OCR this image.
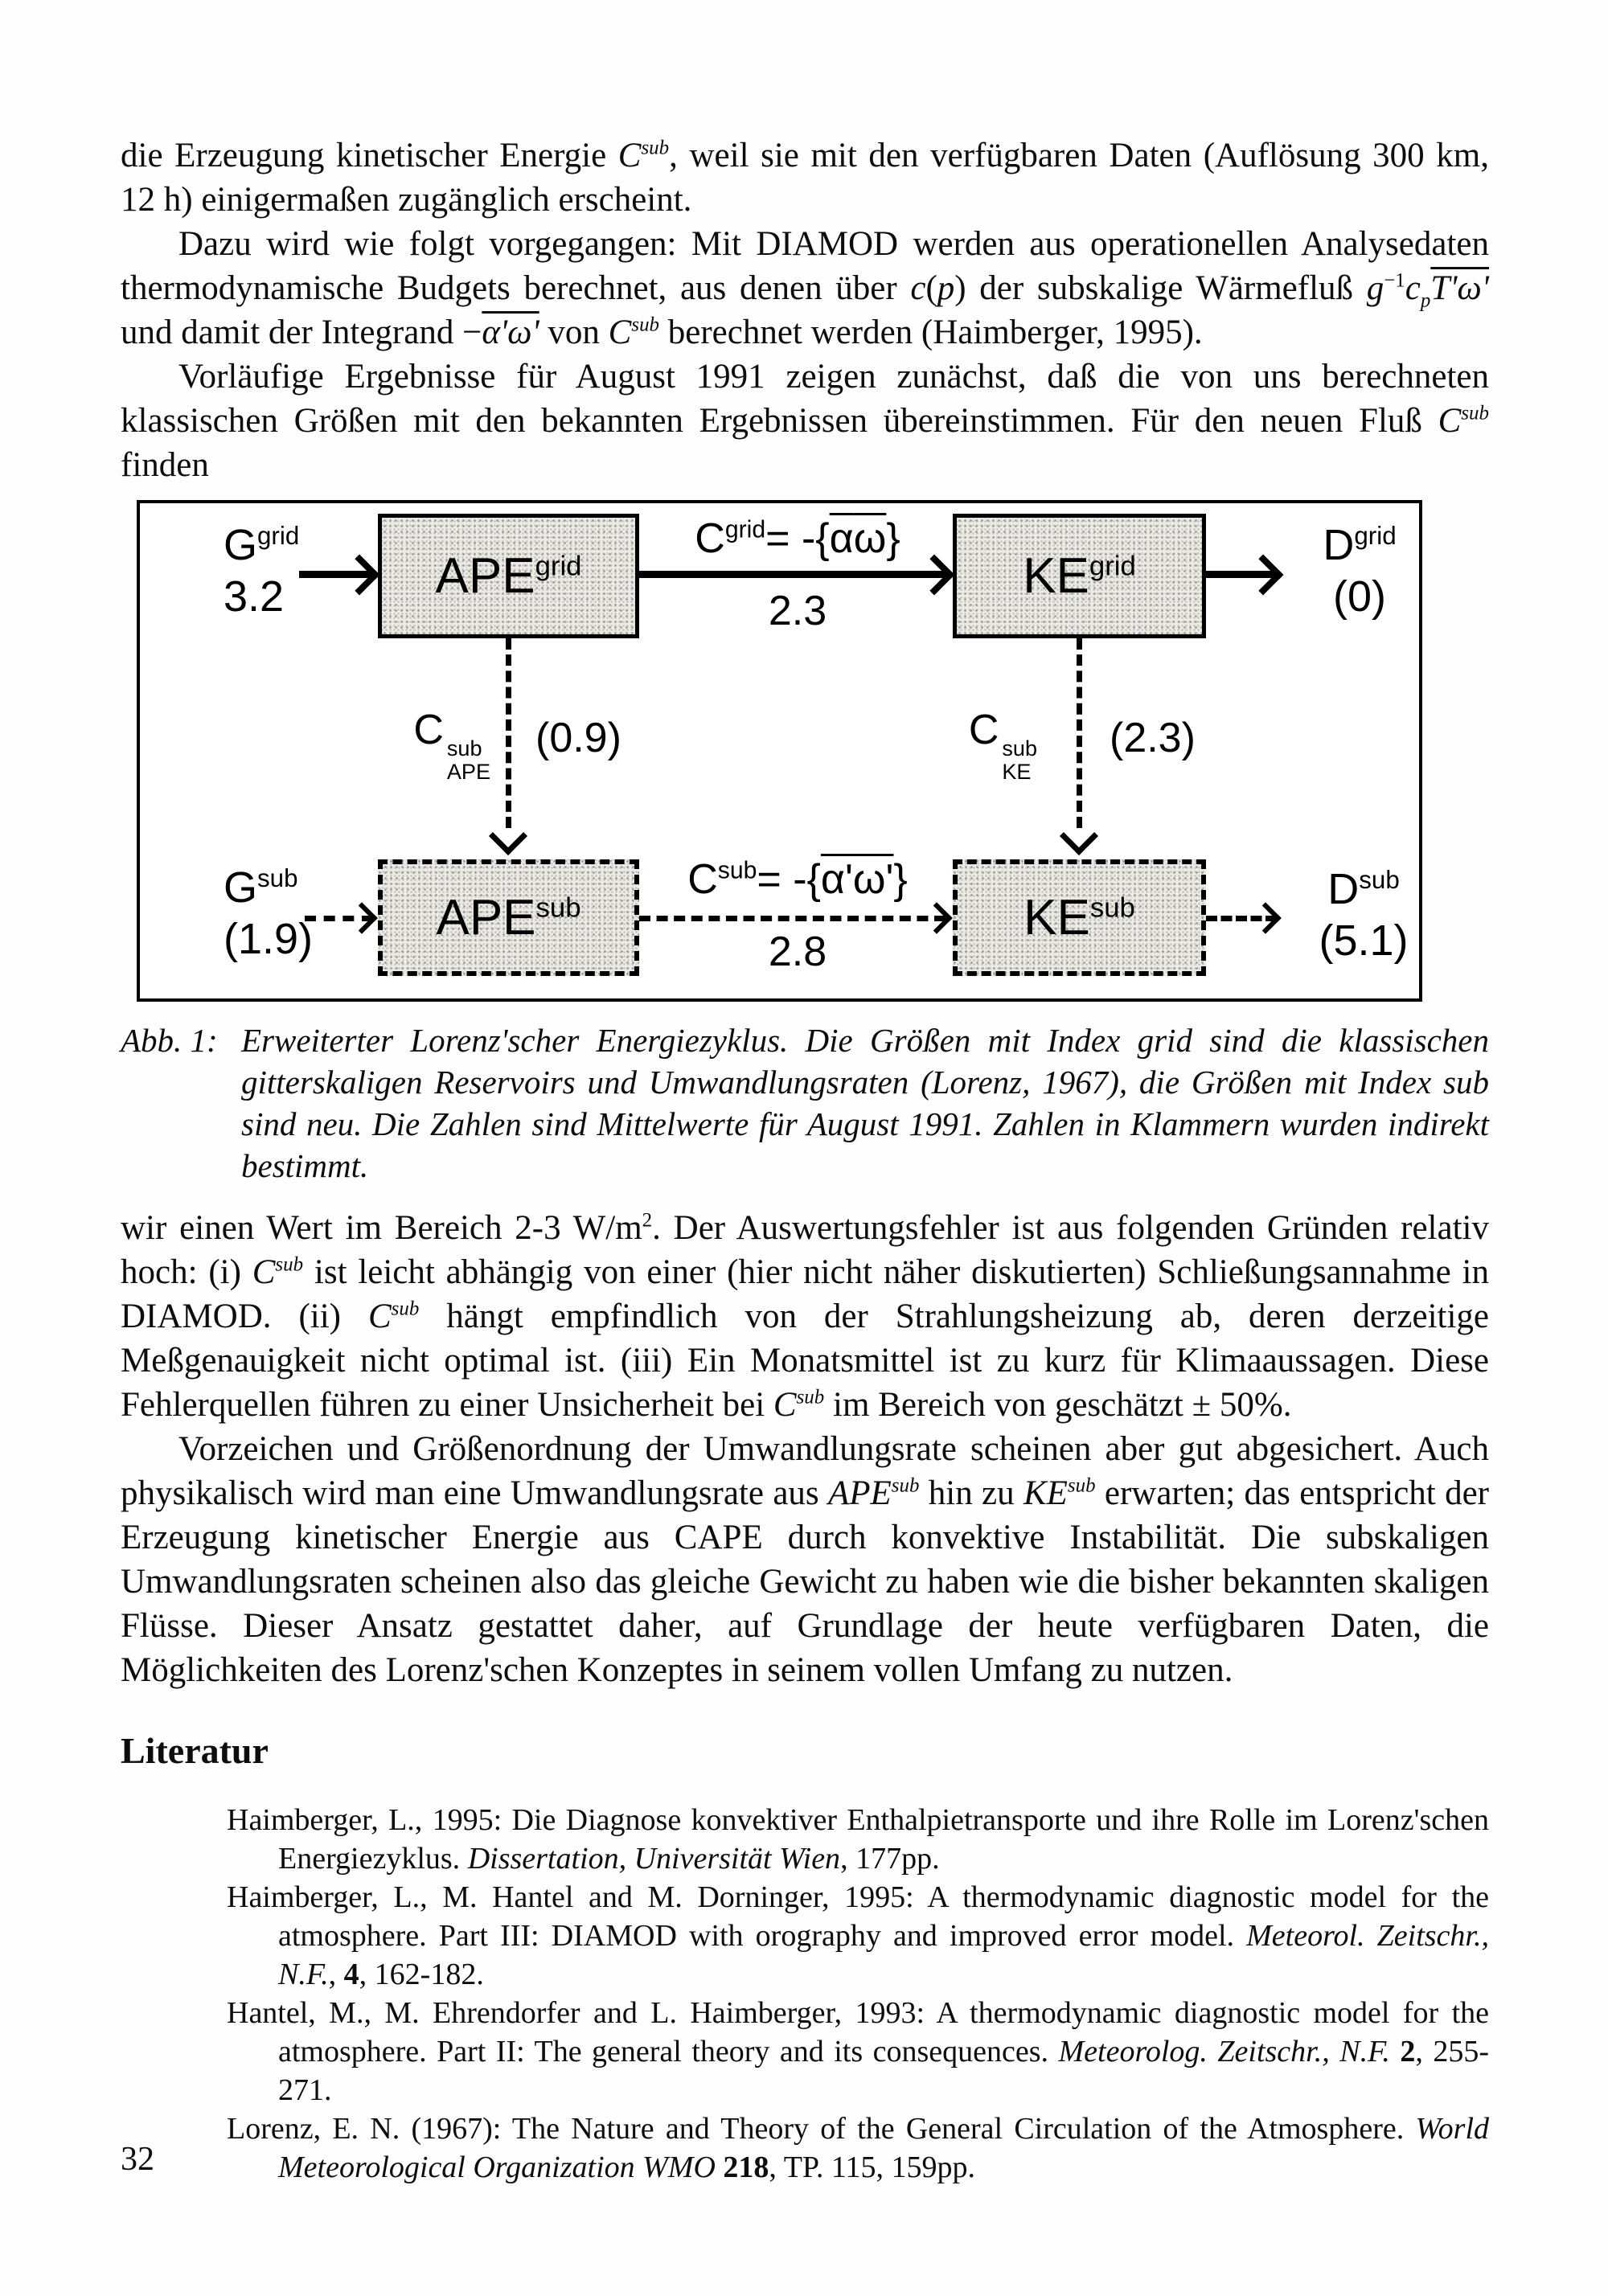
die Erzeugung kinetischer Energie $C^{sub}$, weil sie mit den verfügbaren Daten (Auflösung 300 km, 12 h) einigermaßen zugänglich erscheint.

Dazu wird wie folgt vorgegangen: Mit DIAMOD werden aus operationellen Analysedaten thermodynamische Budgets berechnet, aus denen über c(p) der subskalige Wärmefluß $g^{-1}c_pT'\omega'$ und damit der Integrand −α'ω' von $C^{sub}$ berechnet werden (Haimberger, 1995).

Vorläufige Ergebnisse für August 1991 zeigen zunächst, daß die von uns berechneten klassischen Größen mit den bekannten Ergebnissen übereinstimmen. Für den neuen Fluß $C^{sub}$ finden

$G^{grid}$
3.2	$APE^{grid}$
$C^{grid}= -\{\overline{\alpha}\overline{\omega}\}$
2.3
$KE^{grid}$	$D^{grid}$
(0)
C sub
APE
(0.9)	C sub
KE
(2.3)
$G^{sub}$
(1.9) $APE^{sub}$
$C^{sub}= -\{\alpha'\omega'\}$
2.8
$KE^{sub}$	$D^{sub}$
(5.1)
Abb. 1: Erweiterter Lorenz'scher Energiezyklus. Die Größen mit Index grid sind die klassischen gitterskaligen Reservoirs und Umwandlungsraten (Lorenz, 1967), die Größen mit Index sub sind neu. Die Zahlen sind Mittelwerte für August 1991. Zahlen in Klammern wurden indirekt bestimmt.

wir einen Wert im Bereich 2-3 $W/m^2$. Der Auswertungsfehler ist aus folgenden Gründen relativ hoch: (i) $C^{sub}$ ist leicht abhängig von einer (hier nicht näher diskutierten) Schließungsannahme in DIAMOD. (ii) $C^{sub}$ hängt empfindlich von der Strahlungsheizung ab, deren derzeitige Meßgenauigkeit nicht optimal ist. (iii) Ein Monatsmittel ist zu kurz für Klimaaussagen. Diese Fehlerquellen führen zu einer Unsicherheit bei $C^{sub}$ im Bereich von geschätzt ± 50%.

Vorzeichen und Größenordnung der Umwandlungsrate scheinen aber gut abgesichert. Auch physikalisch wird man eine Umwandlungsrate aus $APE^{sub}$ hin zu $KE^{sub}$ erwarten; das entspricht der Erzeugung kinetischer Energie aus CAPE durch konvektive Instabilität. Die subskaligen Umwandlungsraten scheinen also das gleiche Gewicht zu haben wie die bisher bekannten skaligen Flüsse. Dieser Ansatz gestattet daher, auf Grundlage der heute verfügbaren Daten, die Möglichkeiten des Lorenz'schen Konzeptes in seinem vollen Umfang zu nutzen.

Literatur

Haimberger, L., 1995: Die Diagnose konvektiver Enthalpietransporte und ihre Rolle im Lorenz'schen Energiezyklus. Dissertation, Universität Wien, 177pp.

Haimberger, L., M. Hantel and M. Dorninger, 1995: A thermodynamic diagnostic model for the atmosphere. Part III: DIAMOD with orography and improved error model. Meteorol. Zeitschr., N.F., 4, 162-182.

Hantel, M., M. Ehrendorfer and L. Haimberger, 1993: A thermodynamic diagnostic model for the atmosphere. Part II: The general theory and its consequences. Meteorolog. Zeitschr., N.F. 2, 255-271.

Lorenz, E. N. (1967): The Nature and Theory of the General Circulation of the Atmosphere. World Meteorological Organization WMO 218, TP. 115, 159pp.

32
